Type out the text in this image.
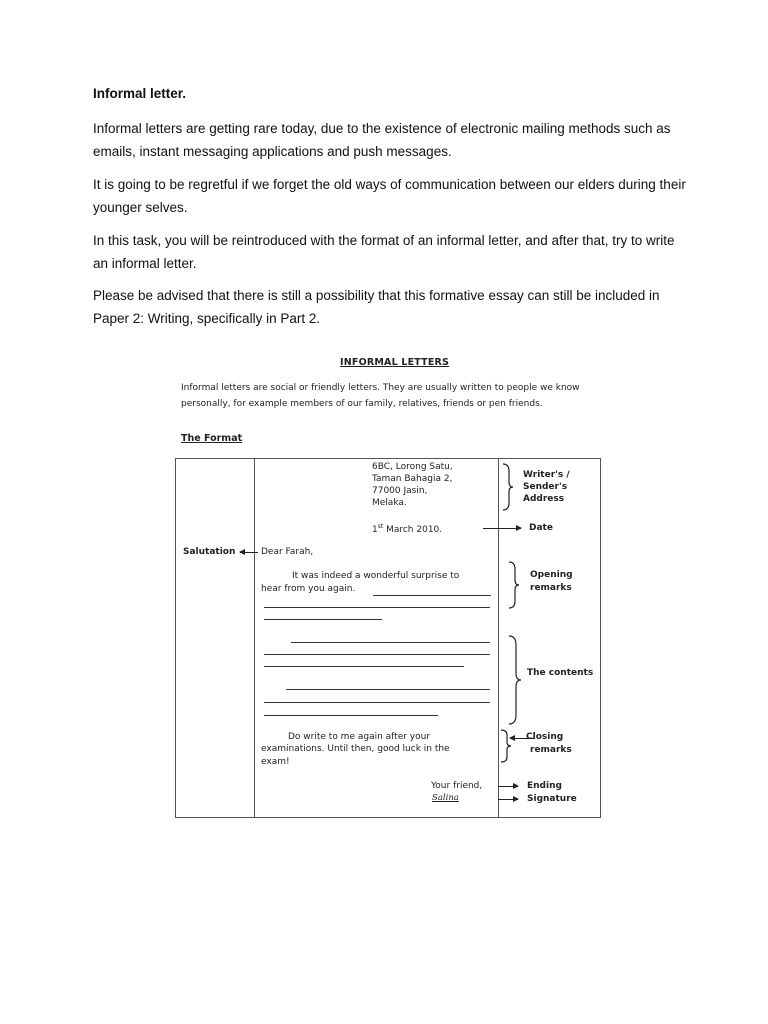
Informal letter.

Informal letters are getting rare today, due to the existence of electronic mailing methods such as emails, instant messaging applications and push messages.

It is going to be regretful if we forget the old ways of communication between our elders during their younger selves.

In this task, you will be reintroduced with the format of an informal letter, and after that, try to write an informal letter.

Please be advised that there is still a possibility that this formative essay can still be included in Paper 2: Writing, specifically in Part 2.

INFORMAL LETTERS

Informal letters are social or friendly letters. They are usually written to people we know personally, for example members of our family, relatives, friends or pen friends.

The Format
6BC, Lorong Satu,
Taman Bahagia 2,
77000 Jasin,
Melaka.
Writer's /
Sender's
Address
1st March 2010.	Date
Salutation	Dear Farah,
It was indeed a wonderful surprise to
hear from you again.
Opening
remarks
The contents
Do write to me again after your
examinations. Until then, good luck in the
exam!
Closing
remarks
Your friend,
Salina
Ending
Signature
